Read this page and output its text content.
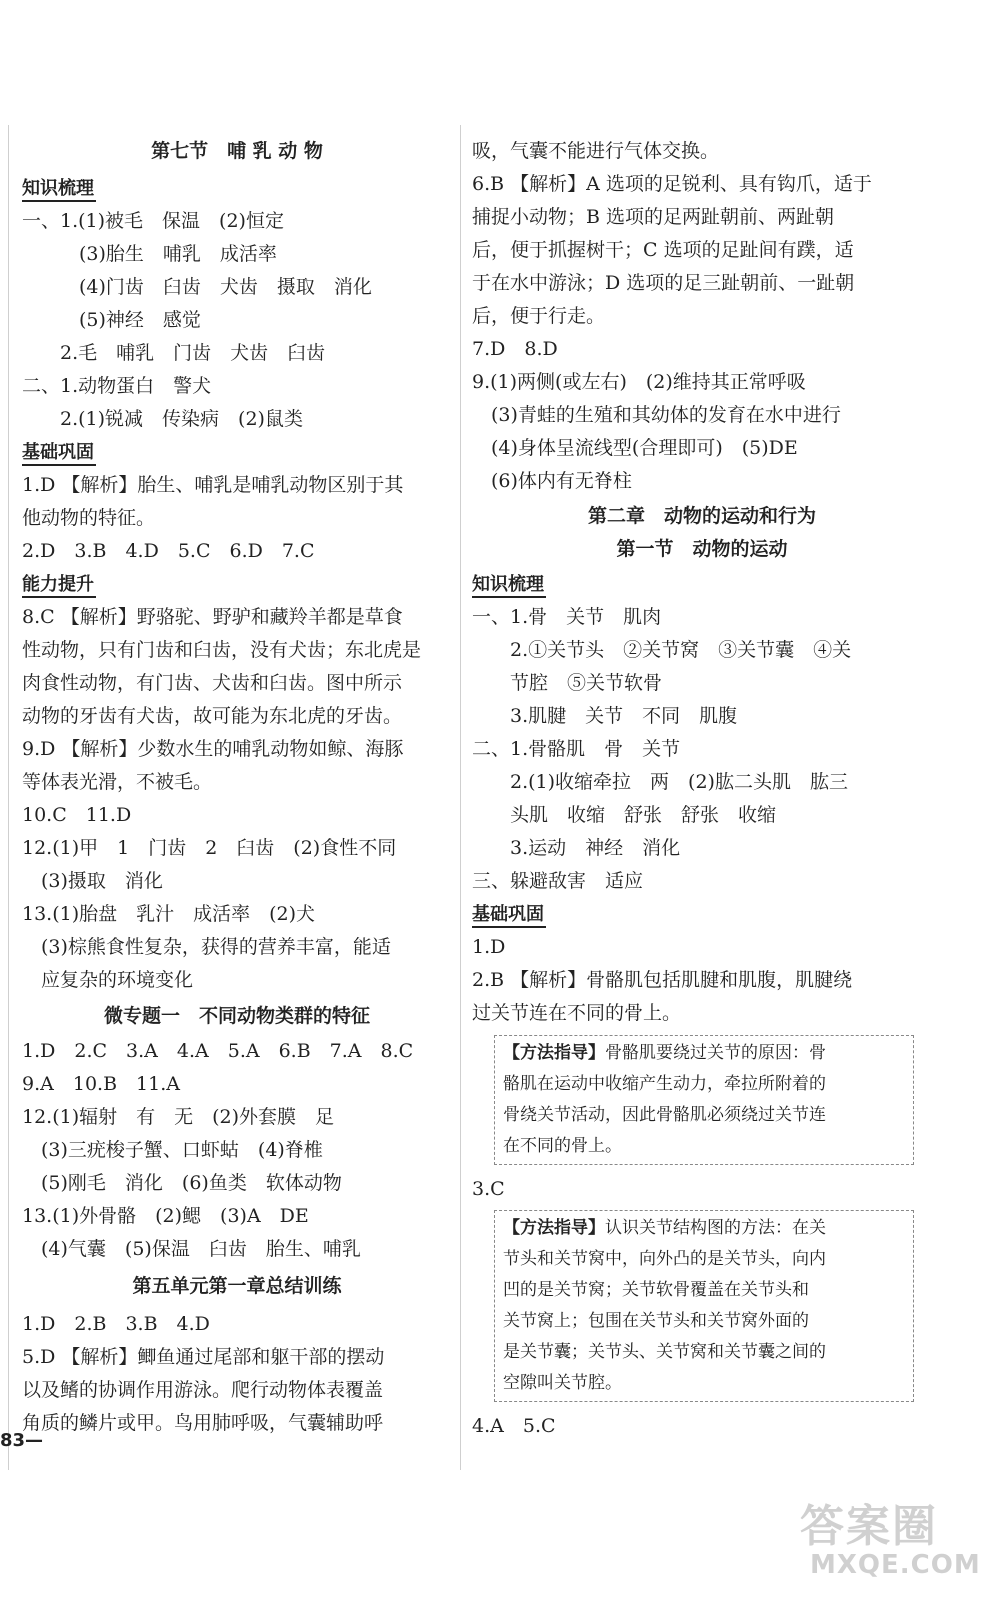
第七节　哺 乳 动 物
知识梳理
一、1.(1)被毛　保温　(2)恒定
　　　(3)胎生　哺乳　成活率
　　　(4)门齿　臼齿　犬齿　摄取　消化
　　　(5)神经　感觉
　　2.毛　哺乳　门齿　犬齿　臼齿
二、1.动物蛋白　警犬
　　2.(1)锐减　传染病　(2)鼠类
基础巩固
1.D 【解析】胎生、哺乳是哺乳动物区别于其
他动物的特征。
2.D　3.B　4.D　5.C　6.D　7.C
能力提升
8.C 【解析】野骆驼、野驴和藏羚羊都是草食
性动物，只有门齿和臼齿，没有犬齿；东北虎是
肉食性动物，有门齿、犬齿和臼齿。图中所示
动物的牙齿有犬齿，故可能为东北虎的牙齿。
9.D 【解析】少数水生的哺乳动物如鲸、海豚
等体表光滑，不被毛。
10.C　11.D
12.(1)甲　1　门齿　2　臼齿　(2)食性不同
　(3)摄取　消化
13.(1)胎盘　乳汁　成活率　(2)犬
　(3)棕熊食性复杂，获得的营养丰富，能适
　应复杂的环境变化
微专题一　不同动物类群的特征
1.D　2.C　3.A　4.A　5.A　6.B　7.A　8.C
9.A　10.B　11.A
12.(1)辐射　有　无　(2)外套膜　足
　(3)三疣梭子蟹、口虾蛄　(4)脊椎
　(5)刚毛　消化　(6)鱼类　软体动物
13.(1)外骨骼　(2)鳃　(3)A　DE
　(4)气囊　(5)保温　臼齿　胎生、哺乳
第五单元第一章总结训练
1.D　2.B　3.B　4.D
5.D 【解析】鲫鱼通过尾部和躯干部的摆动
以及鳍的协调作用游泳。爬行动物体表覆盖
角质的鳞片或甲。鸟用肺呼吸，气囊辅助呼
83—
吸，气囊不能进行气体交换。
6.B 【解析】A 选项的足锐利、具有钩爪，适于
捕捉小动物；B 选项的足两趾朝前、两趾朝
后，便于抓握树干；C 选项的足趾间有蹼，适
于在水中游泳；D 选项的足三趾朝前、一趾朝
后，便于行走。
7.D　8.D
9.(1)两侧(或左右)　(2)维持其正常呼吸
　(3)青蛙的生殖和其幼体的发育在水中进行
　(4)身体呈流线型(合理即可)　(5)DE
　(6)体内有无脊柱
第二章　动物的运动和行为
第一节　动物的运动
知识梳理
一、1.骨　关节　肌肉
　　2.①关节头　②关节窝　③关节囊　④关
　　节腔　⑤关节软骨
　　3.肌腱　关节　不同　肌腹
二、1.骨骼肌　骨　关节
　　2.(1)收缩牵拉　两　(2)肱二头肌　肱三
　　头肌　收缩　舒张　舒张　收缩
　　3.运动　神经　消化
三、躲避敌害　适应
基础巩固
1.D
2.B 【解析】骨骼肌包括肌腱和肌腹，肌腱绕
过关节连在不同的骨上。
【方法指导】骨骼肌要绕过关节的原因：骨
骼肌在运动中收缩产生动力，牵拉所附着的
骨绕关节活动，因此骨骼肌必须绕过关节连
在不同的骨上。
3.C
【方法指导】认识关节结构图的方法：在关
节头和关节窝中，向外凸的是关节头，向内
凹的是关节窝；关节软骨覆盖在关节头和
关节窝上；包围在关节头和关节窝外面的
是关节囊；关节头、关节窝和关节囊之间的
空隙叫关节腔。
4.A　5.C
答案圈
MXQE.COM
